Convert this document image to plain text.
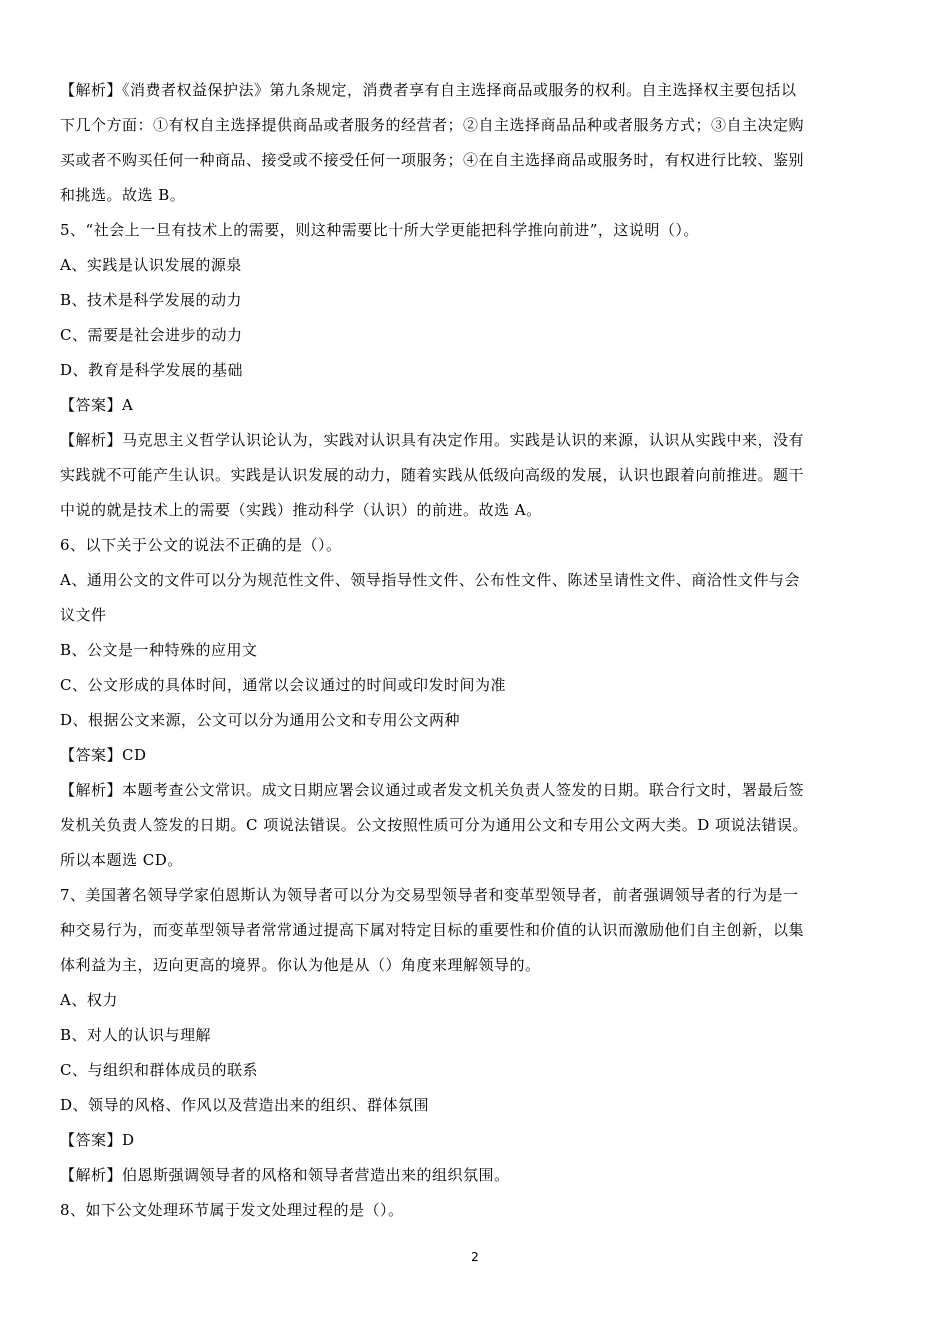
【解析】《消费者权益保护法》第九条规定，消费者享有自主选择商品或服务的权利。自主选择权主要包括以
下几个方面：①有权自主选择提供商品或者服务的经营者；②自主选择商品品种或者服务方式；③自主决定购
买或者不购买任何一种商品、接受或不接受任何一项服务；④在自主选择商品或服务时，有权进行比较、鉴别
和挑选。故选 B。
5、“社会上一旦有技术上的需要，则这种需要比十所大学更能把科学推向前进”，这说明（）。
A、实践是认识发展的源泉
B、技术是科学发展的动力
C、需要是社会进步的动力
D、教育是科学发展的基础
【答案】A
【解析】马克思主义哲学认识论认为，实践对认识具有决定作用。实践是认识的来源，认识从实践中来，没有
实践就不可能产生认识。实践是认识发展的动力，随着实践从低级向高级的发展，认识也跟着向前推进。题干
中说的就是技术上的需要（实践）推动科学（认识）的前进。故选 A。
6、以下关于公文的说法不正确的是（）。
A、通用公文的文件可以分为规范性文件、领导指导性文件、公布性文件、陈述呈请性文件、商洽性文件与会
议文件
B、公文是一种特殊的应用文
C、公文形成的具体时间，通常以会议通过的时间或印发时间为准
D、根据公文来源，公文可以分为通用公文和专用公文两种
【答案】CD
【解析】本题考查公文常识。成文日期应署会议通过或者发文机关负责人签发的日期。联合行文时，署最后签
发机关负责人签发的日期。C 项说法错误。公文按照性质可分为通用公文和专用公文两大类。D 项说法错误。
所以本题选 CD。
7、美国著名领导学家伯恩斯认为领导者可以分为交易型领导者和变革型领导者，前者强调领导者的行为是一
种交易行为，而变革型领导者常常通过提高下属对特定目标的重要性和价值的认识而激励他们自主创新，以集
体利益为主，迈向更高的境界。你认为他是从（）角度来理解领导的。
A、权力
B、对人的认识与理解
C、与组织和群体成员的联系
D、领导的风格、作风以及营造出来的组织、群体氛围
【答案】D
【解析】伯恩斯强调领导者的风格和领导者营造出来的组织氛围。
8、如下公文处理环节属于发文处理过程的是（）。
2
